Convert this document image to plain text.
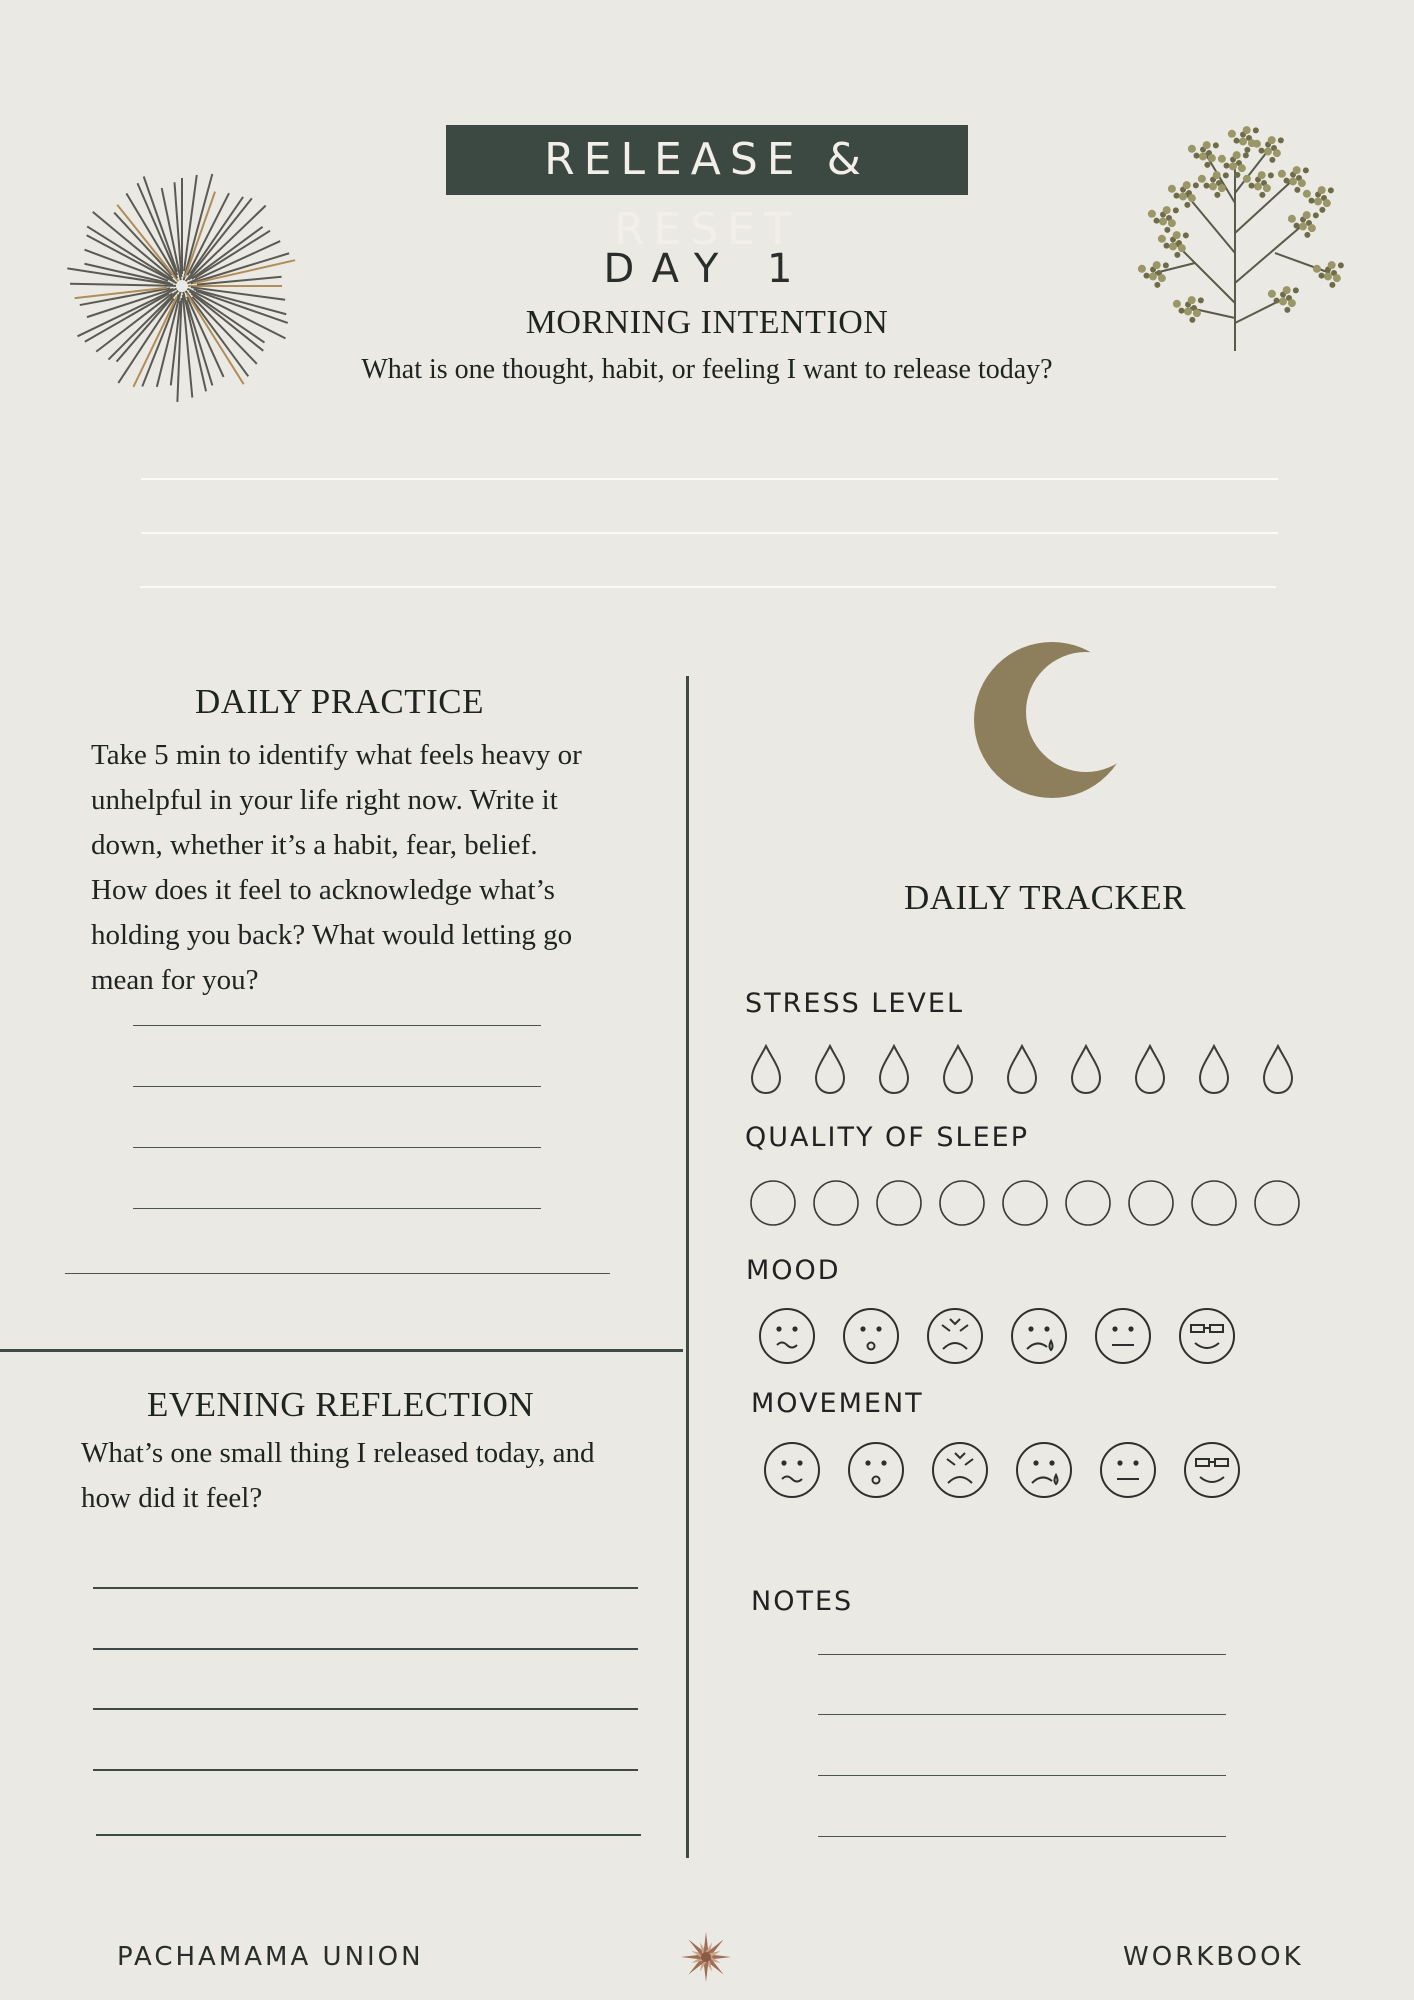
RELEASE & RESET
DAY 1
MORNING INTENTION
What is one thought, habit, or feeling I want to release today?
DAILY PRACTICE
Take 5 min to identify what feels heavy or
unhelpful in your life right now. Write it
down, whether it’s a habit, fear, belief.
How does it feel to acknowledge what’s
holding you back? What would letting go
mean for you?
EVENING REFLECTION
What’s one small thing I released today, and
how did it feel?
DAILY TRACKER
STRESS LEVEL
QUALITY OF SLEEP
MOOD
MOVEMENT
NOTES
PACHAMAMA UNION	WORKBOOK
